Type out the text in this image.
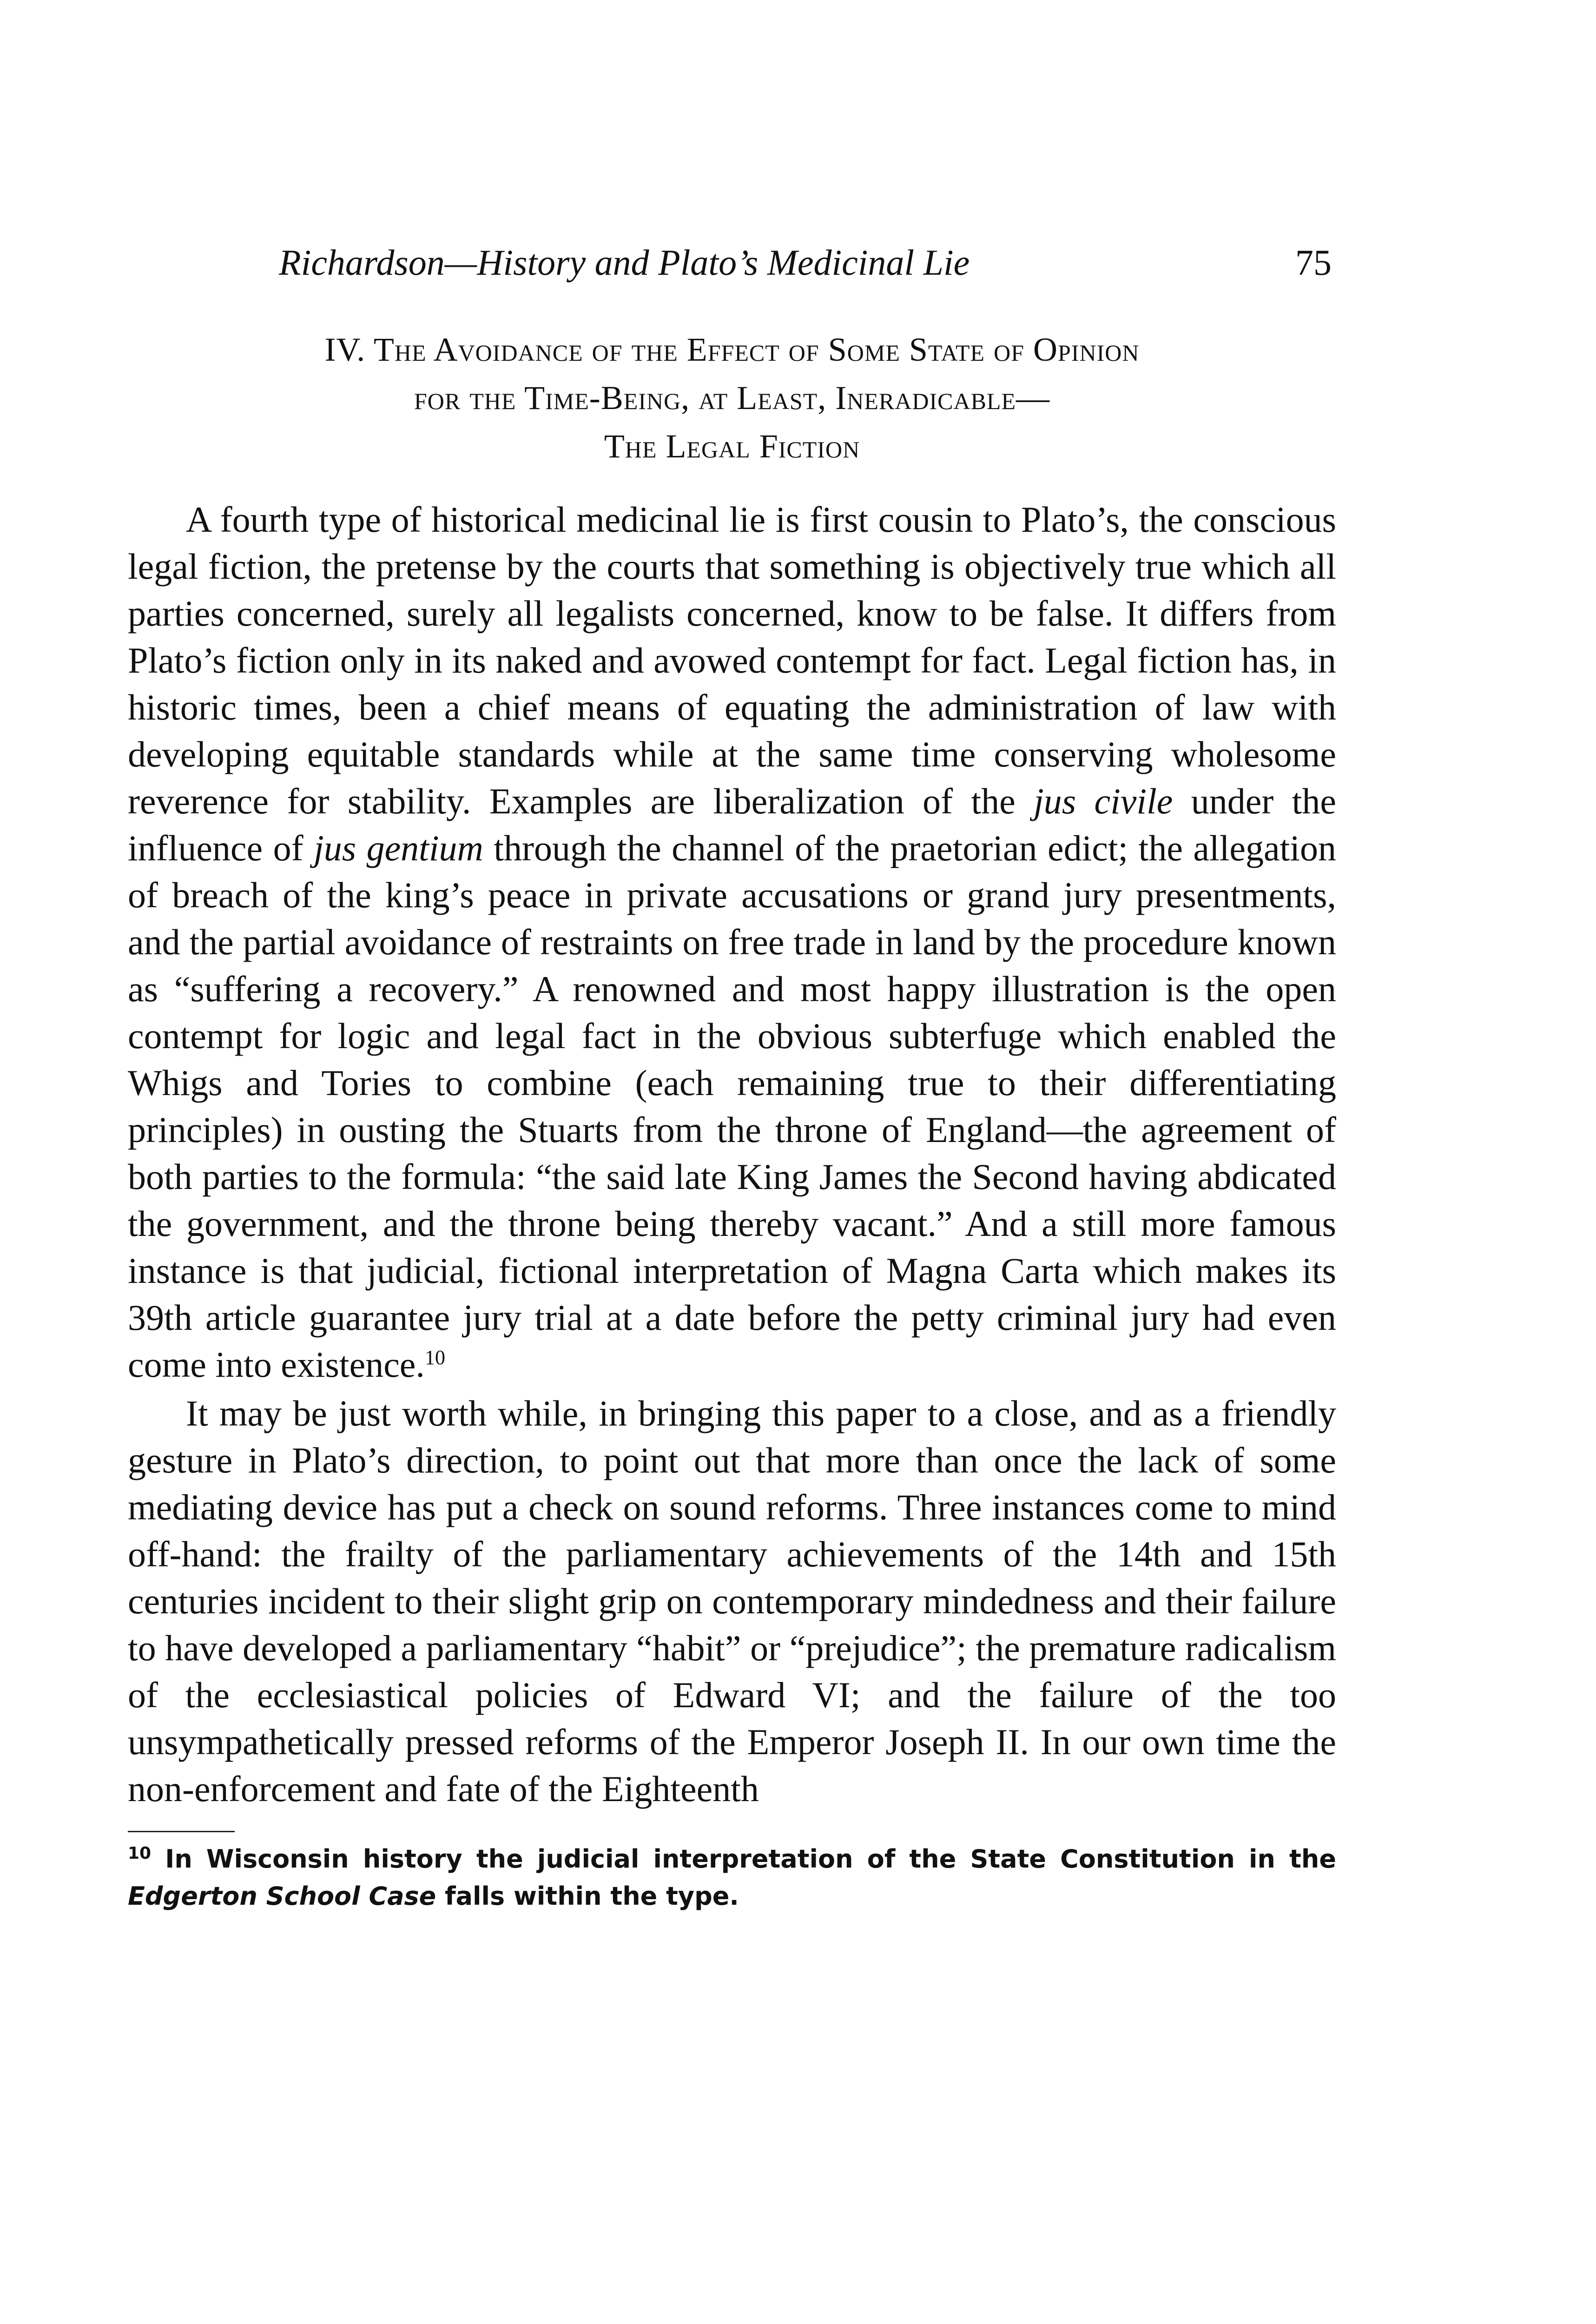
Richardson—History and Plato’s Medicinal Lie	75
IV. The Avoidance of the Effect of Some State of Opinion
for the Time-Being, at Least, Ineradicable—
The Legal Fiction

A fourth type of historical medicinal lie is first cousin to Plato’s, the conscious legal fiction, the pretense by the courts that something is objectively true which all parties concerned, surely all legalists concerned, know to be false. It differs from Plato’s fiction only in its naked and avowed contempt for fact. Legal fiction has, in historic times, been a chief means of equating the administration of law with developing equitable standards while at the same time conserving wholesome reverence for stability. Examples are liberalization of the jus civile under the influence of jus gentium through the channel of the praetorian edict; the allegation of breach of the king’s peace in private accusations or grand jury presentments, and the partial avoidance of restraints on free trade in land by the procedure known as “suffering a recovery.” A renowned and most happy illustration is the open contempt for logic and legal fact in the obvious subterfuge which enabled the Whigs and Tories to combine (each remaining true to their differentiating principles) in ousting the Stuarts from the throne of England—the agreement of both parties to the formula: “the said late King James the Second having abdicated the government, and the throne being thereby vacant.” And a still more famous instance is that judicial, fictional interpretation of Magna Carta which makes its 39th article guarantee jury trial at a date before the petty criminal jury had even come into existence.$^{10}$

It may be just worth while, in bringing this paper to a close, and as a friendly gesture in Plato’s direction, to point out that more than once the lack of some mediating device has put a check on sound reforms. Three instances come to mind off-hand: the frailty of the parliamentary achievements of the 14th and 15th centuries incident to their slight grip on contemporary mindedness and their failure to have developed a parliamentary “habit” or “prejudice”; the premature radicalism of the ecclesiastical policies of Edward VI; and the failure of the too unsympathetically pressed reforms of the Emperor Joseph II. In our own time the non-enforcement and fate of the Eighteenth

$^{10}$ In Wisconsin history the judicial interpretation of the State Constitution in the Edgerton School Case falls within the type.
